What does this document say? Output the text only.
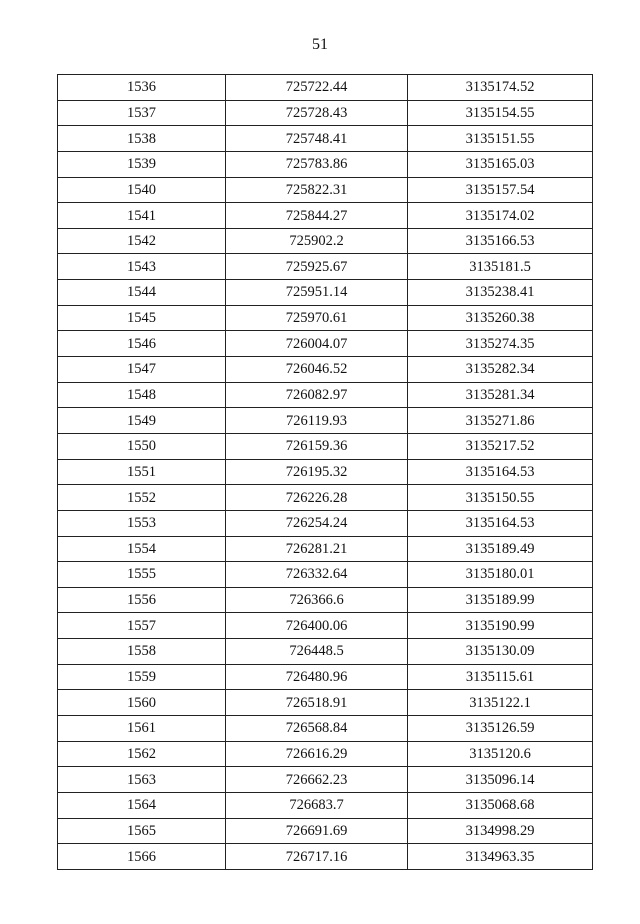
51
1536	725722.44	3135174.52
1537	725728.43	3135154.55
1538	725748.41	3135151.55
1539	725783.86	3135165.03
1540	725822.31	3135157.54
1541	725844.27	3135174.02
1542	725902.2	3135166.53
1543	725925.67	3135181.5
1544	725951.14	3135238.41
1545	725970.61	3135260.38
1546	726004.07	3135274.35
1547	726046.52	3135282.34
1548	726082.97	3135281.34
1549	726119.93	3135271.86
1550	726159.36	3135217.52
1551	726195.32	3135164.53
1552	726226.28	3135150.55
1553	726254.24	3135164.53
1554	726281.21	3135189.49
1555	726332.64	3135180.01
1556	726366.6	3135189.99
1557	726400.06	3135190.99
1558	726448.5	3135130.09
1559	726480.96	3135115.61
1560	726518.91	3135122.1
1561	726568.84	3135126.59
1562	726616.29	3135120.6
1563	726662.23	3135096.14
1564	726683.7	3135068.68
1565	726691.69	3134998.29
1566	726717.16	3134963.35
